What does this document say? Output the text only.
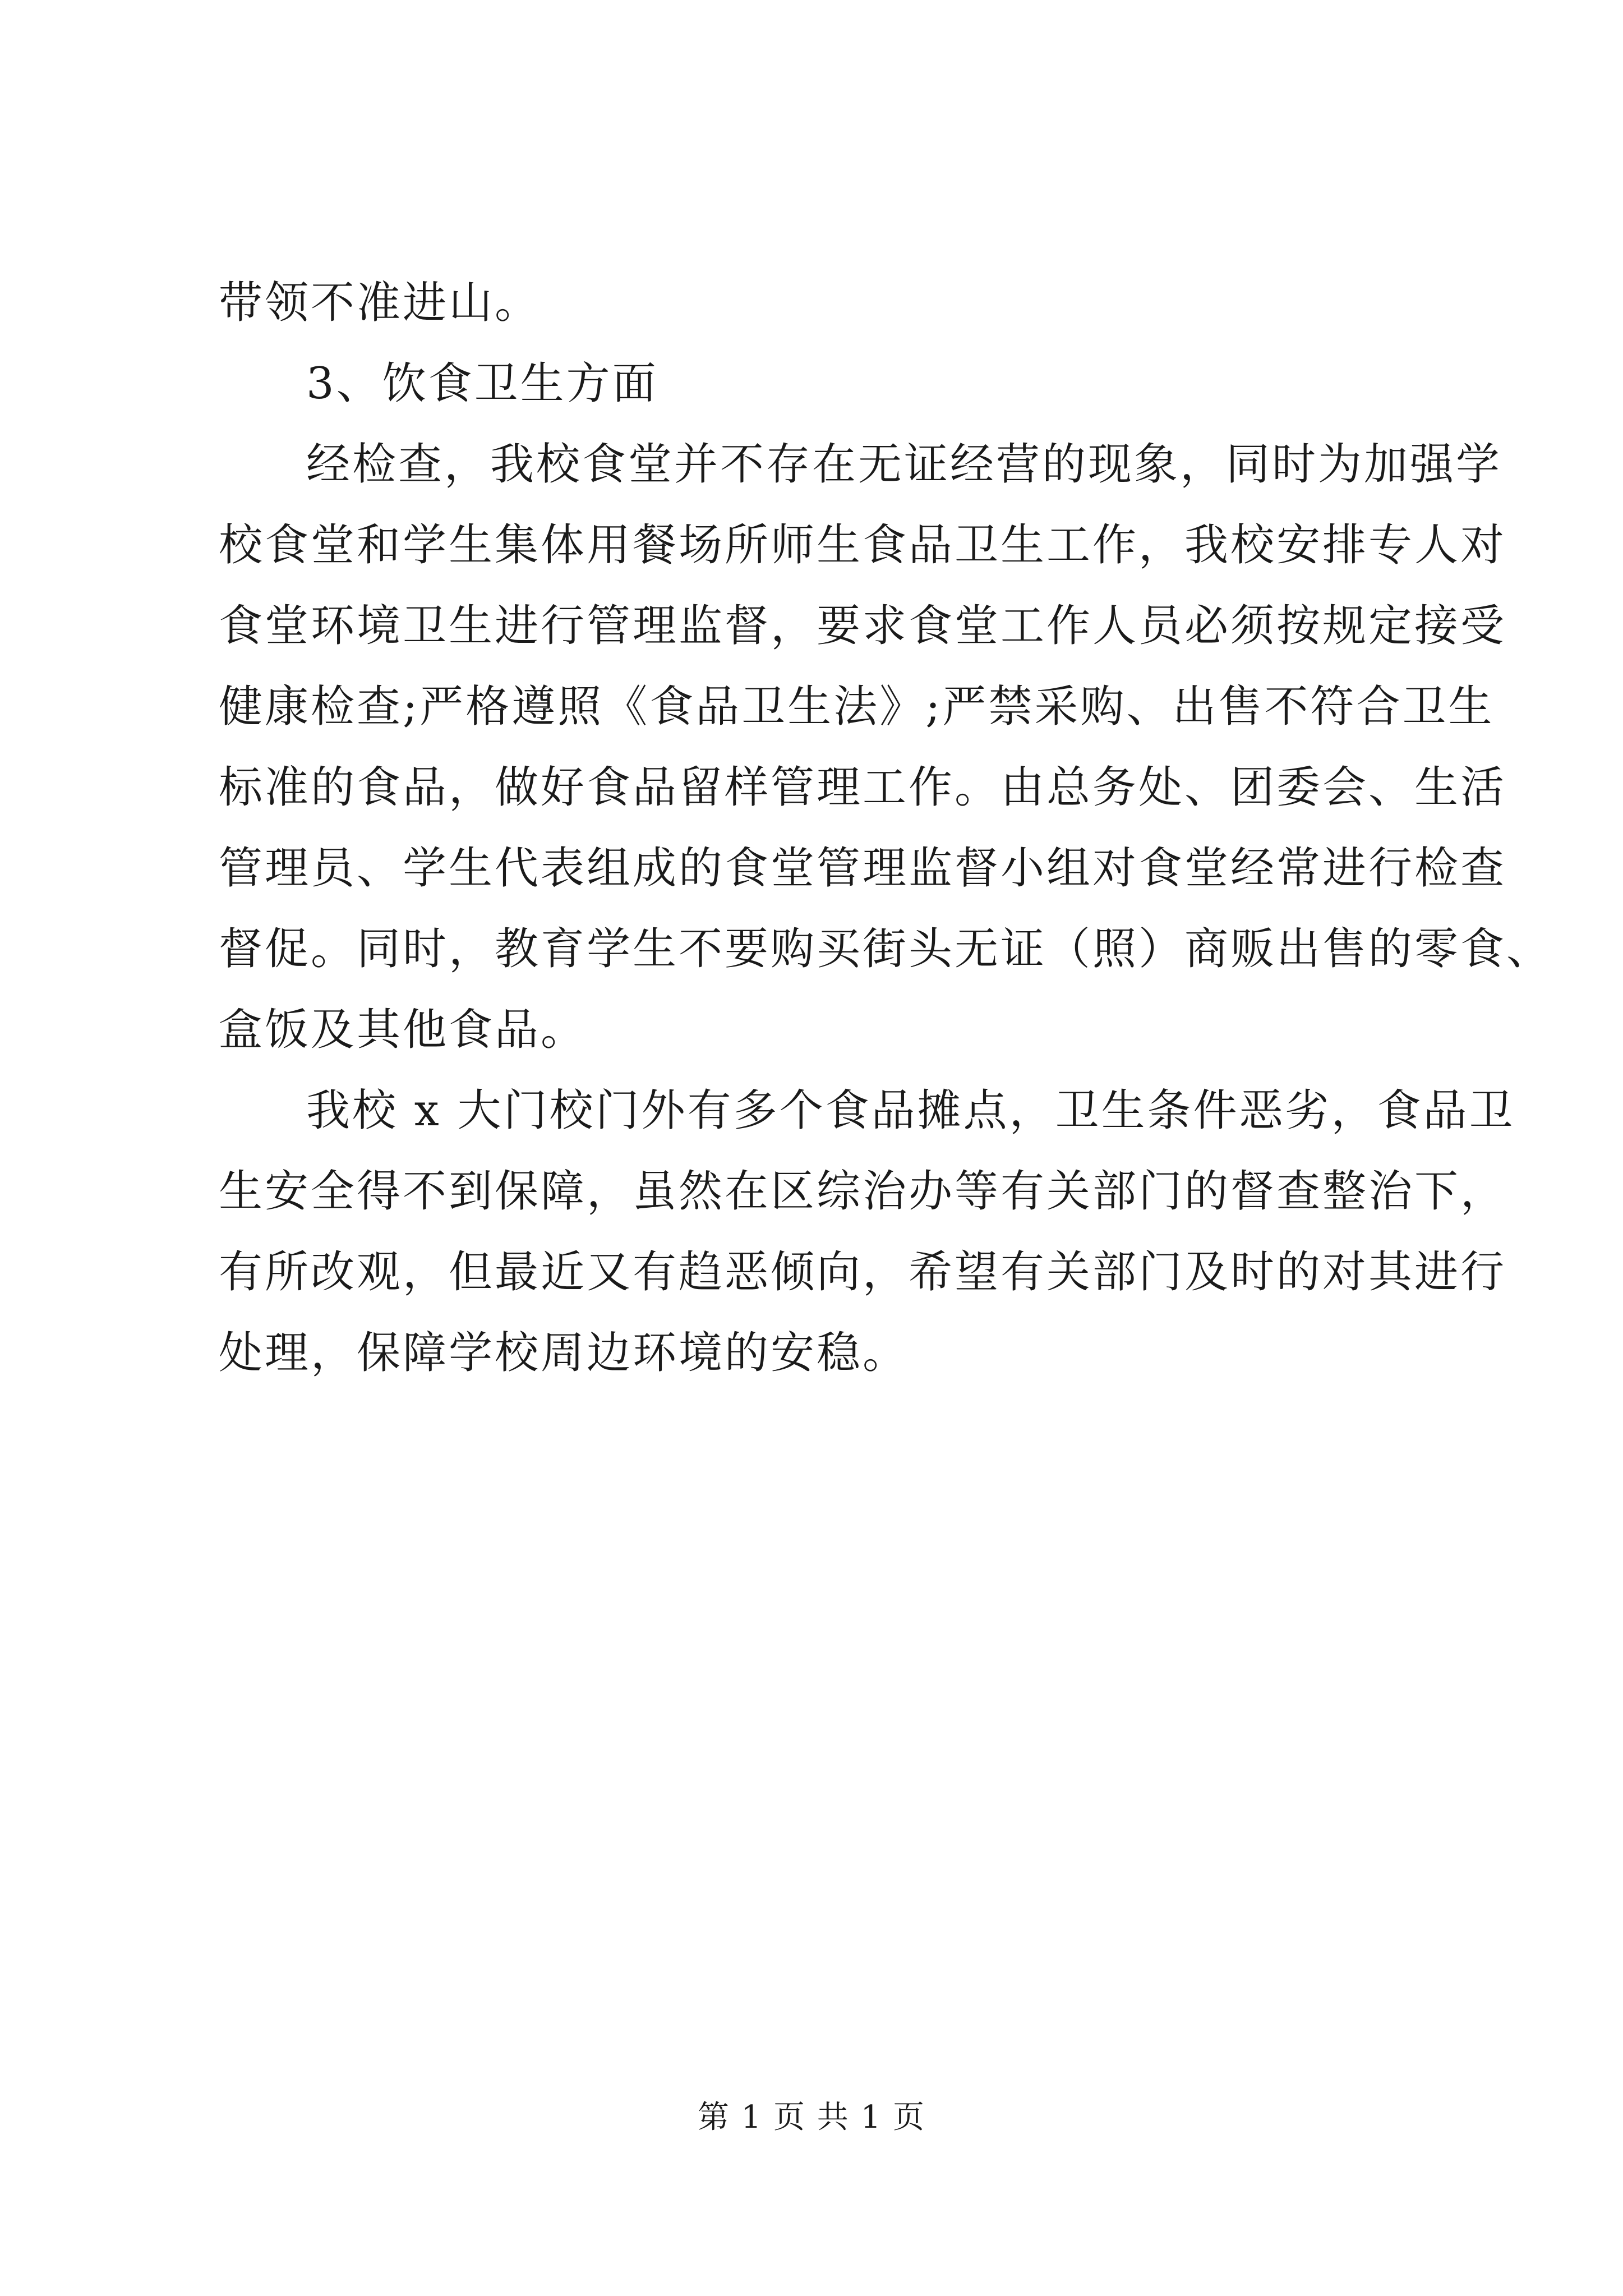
带领不准进山。
3、饮食卫生方面
经检查，我校食堂并不存在无证经营的现象，同时为加强学
校食堂和学生集体用餐场所师生食品卫生工作，我校安排专人对
食堂环境卫生进行管理监督，要求食堂工作人员必须按规定接受
健康检查;严格遵照《食品卫生法》;严禁采购、出售不符合卫生
标准的食品，做好食品留样管理工作。由总务处、团委会、生活
管理员、学生代表组成的食堂管理监督小组对食堂经常进行检查
督促。同时，教育学生不要购买街头无证（照）商贩出售的零食、
盒饭及其他食品。
我校 x 大门校门外有多个食品摊点，卫生条件恶劣，食品卫
生安全得不到保障，虽然在区综治办等有关部门的督查整治下，
有所改观，但最近又有趋恶倾向，希望有关部门及时的对其进行
处理，保障学校周边环境的安稳。
第 1 页 共 1 页
